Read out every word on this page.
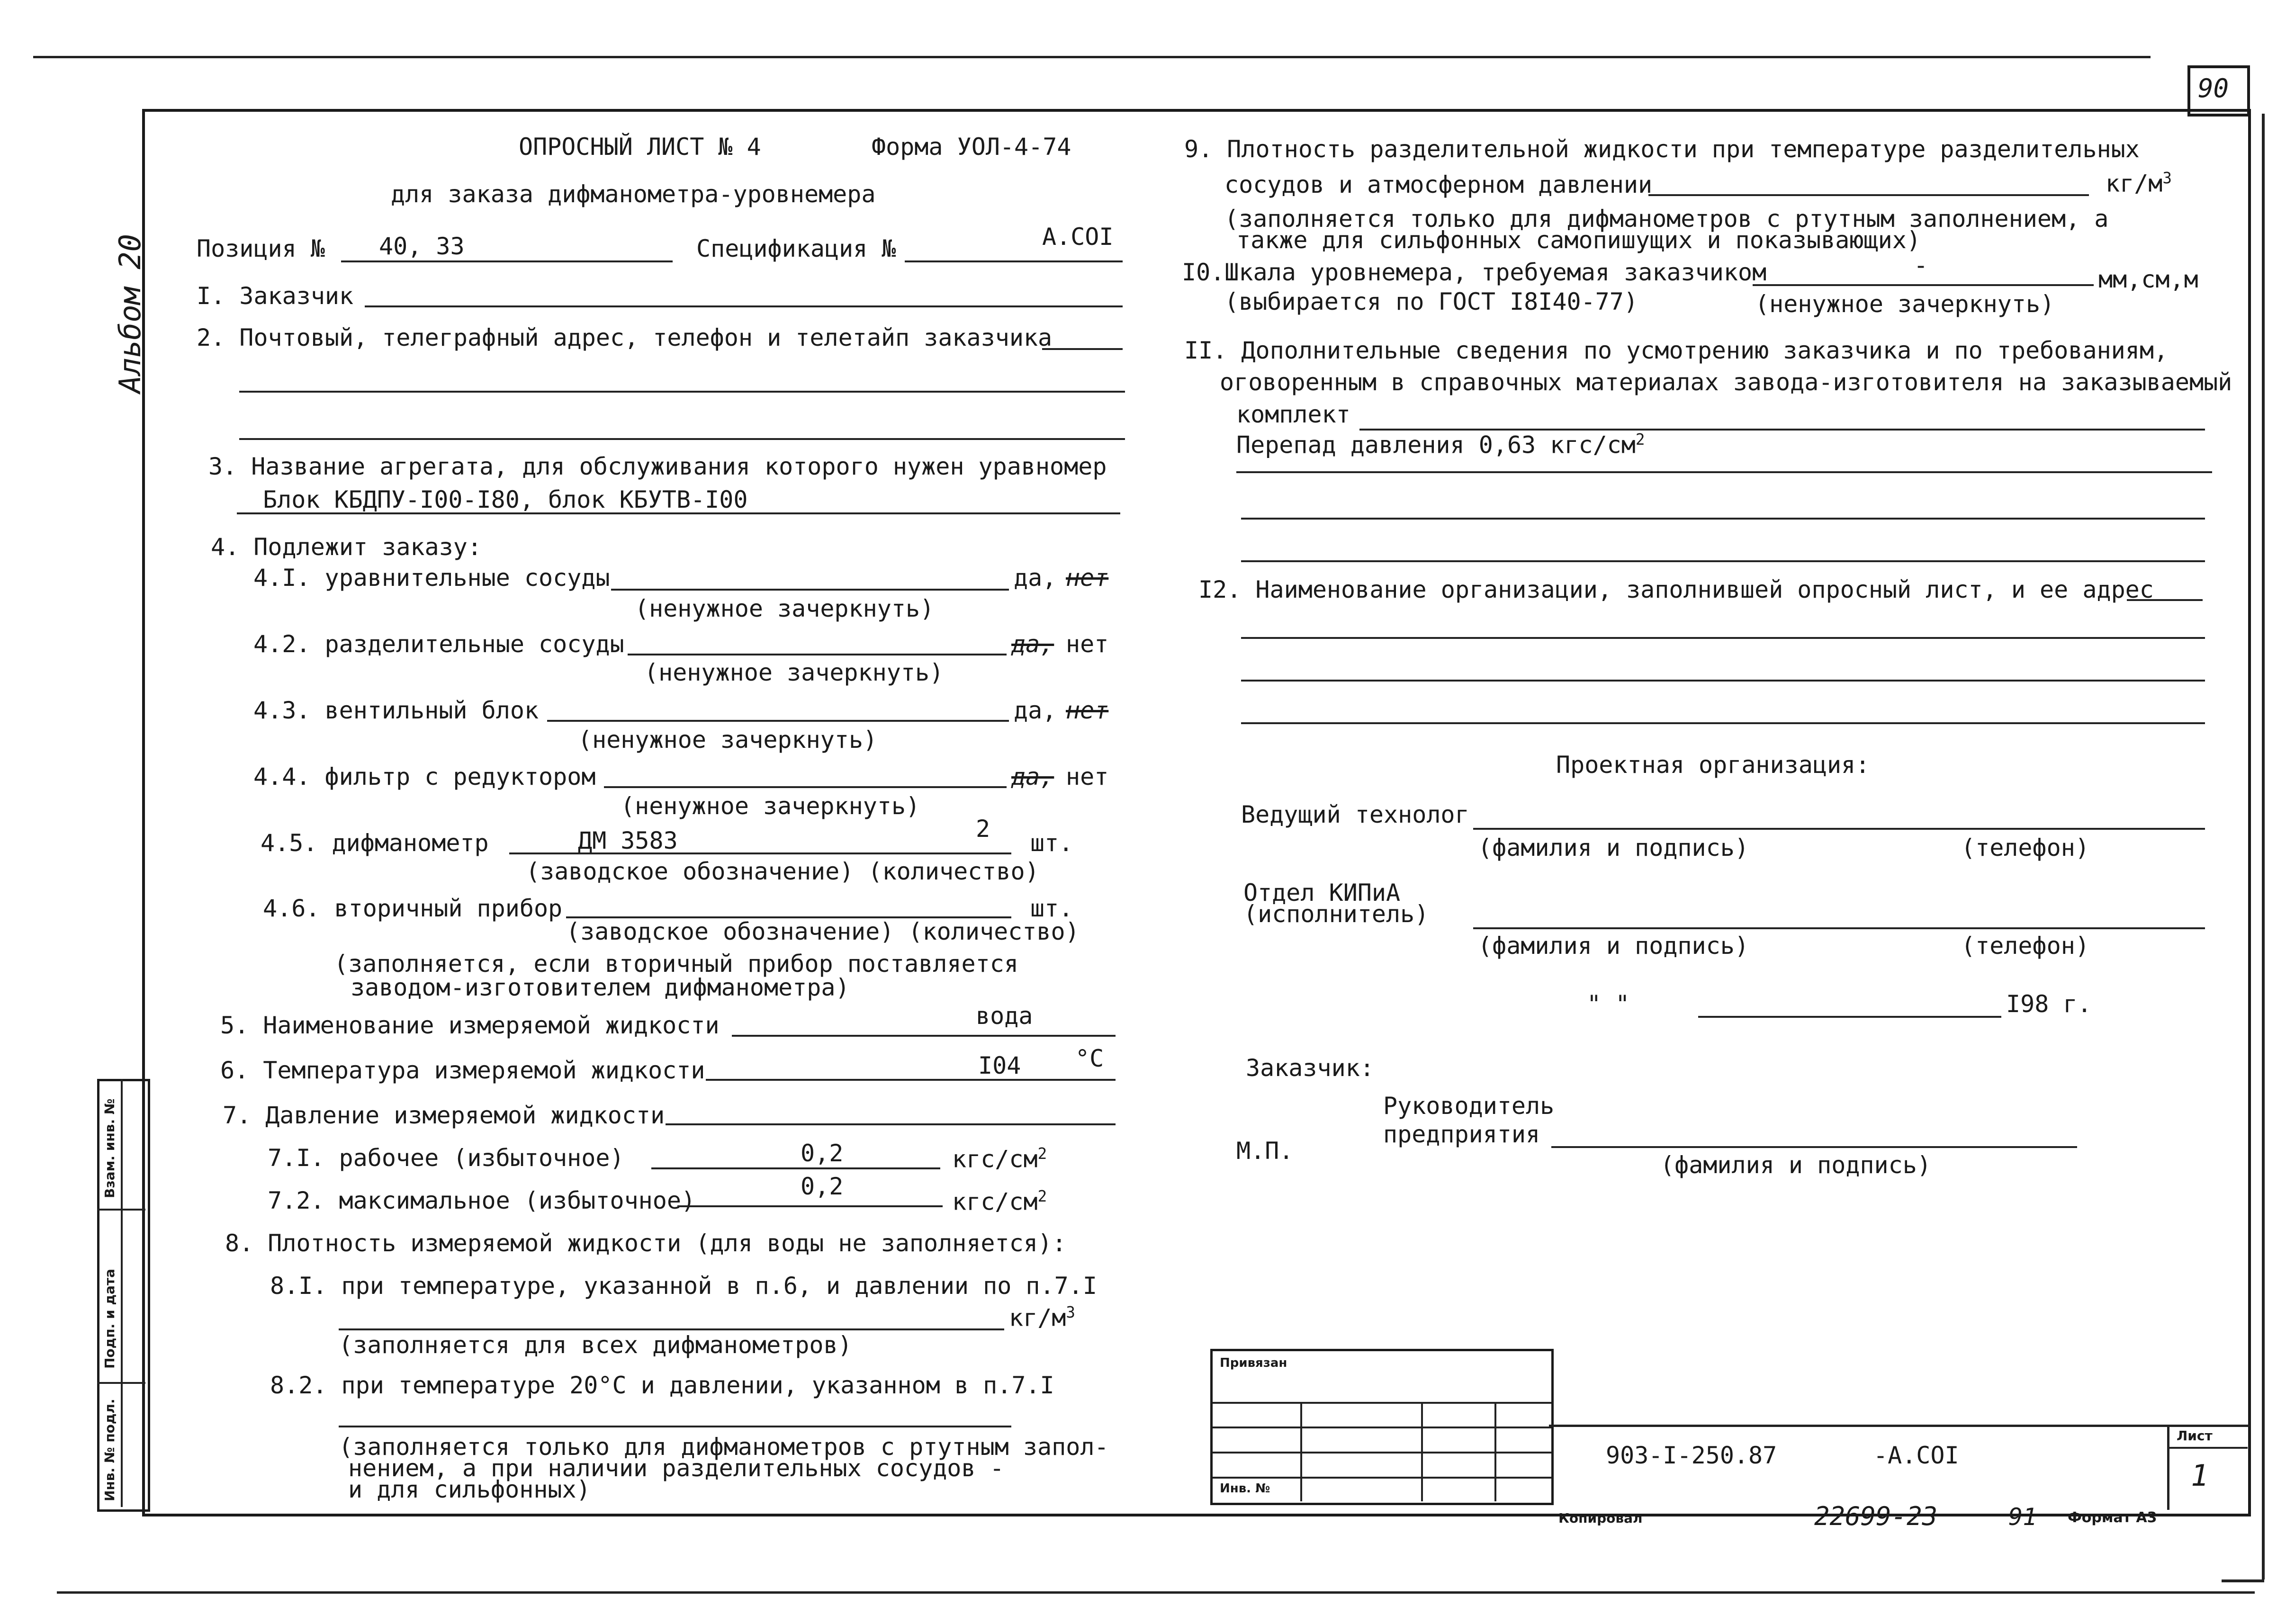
90
Альбом 20
Инв. № подл.
Подп. и дата
Взам. инв. №
ОПРОСНЫЙ ЛИСТ № 4	Форма УОЛ-4-74
для заказа дифманометра-уровнемера
Позиция № 40, 33	Спецификация №	А.СОI
I. Заказчик
2. Почтовый, телеграфный адрес, телефон и телетайп заказчика
3. Название агрегата, для обслуживания которого нужен уравномер
Блок КБДПУ-I00-I80, блок КБУТВ-I00
4. Подлежит заказу:
4.I. уравнительные сосуды	да, нет
(ненужное зачеркнуть)
4.2. разделительные сосуды	да, нет
(ненужное зачеркнуть)
4.3. вентильный блок	да, нет
(ненужное зачеркнуть)
4.4. фильтр с редуктором	да, нет
(ненужное зачеркнуть)
4.5. дифманометр	ДМ 3583	2
шт.
(заводское обозначение) (количество)
4.6. вторичный прибор	шт.
(заводское обозначение) (количество)
(заполняется, если вторичный прибор поставляется
заводом-изготовителем дифманометра)
5. Наименование измеряемой жидкости	вода
6. Температура измеряемой жидкости	I04 °С
7. Давление измеряемой жидкости
7.I. рабочее (избыточное)	0,2	кгс/$см^2$
7.2. максимальное (избыточное)
0,2
кгс/$см^2$
8. Плотность измеряемой жидкости (для воды не заполняется):
8.I. при температуре, указанной в п.6, и давлении по п.7.I
$кг/м^3$
(заполняется для всех дифманометров)
8.2. при температуре 20°С и давлении, указанном в п.7.I
(заполняется только для дифманометров с ртутным запол-
нением, а при наличии разделительных сосудов -
и для сильфонных)
9. Плотность разделительной жидкости при температуре разделительных
сосудов и атмосферном давлении	$кг/м^3$
(заполняется только для дифманометров с ртутным заполнением, а
также для сильфонных самопишущих и показывающих)
I0.Шкала уровнемера, требуемая заказчиком	-
мм,см,м
(выбирается по ГОСТ I8I40-77)	(ненужное зачеркнуть)
II. Дополнительные сведения по усмотрению заказчика и по требованиям,
оговоренным в справочных материалах завода-изготовителя на заказываемый
комплект
Перепад давления 0,63 кгс/$см^2$
I2. Наименование организации, заполнившей опросный лист, и ее адрес
Проектная организация:
Ведущий технолог
(фамилия и подпись)	(телефон)
Отдел КИПиА
(исполнитель)
(фамилия и подпись)	(телефон)
" "	I98 г.
Заказчик:
Руководитель
предприятия
М.П.
(фамилия и подпись)
Привязан
Инв. №
Лист
1
903-I-250.87	-А.СОI
Копировал	22699-23	91 Формат А3
